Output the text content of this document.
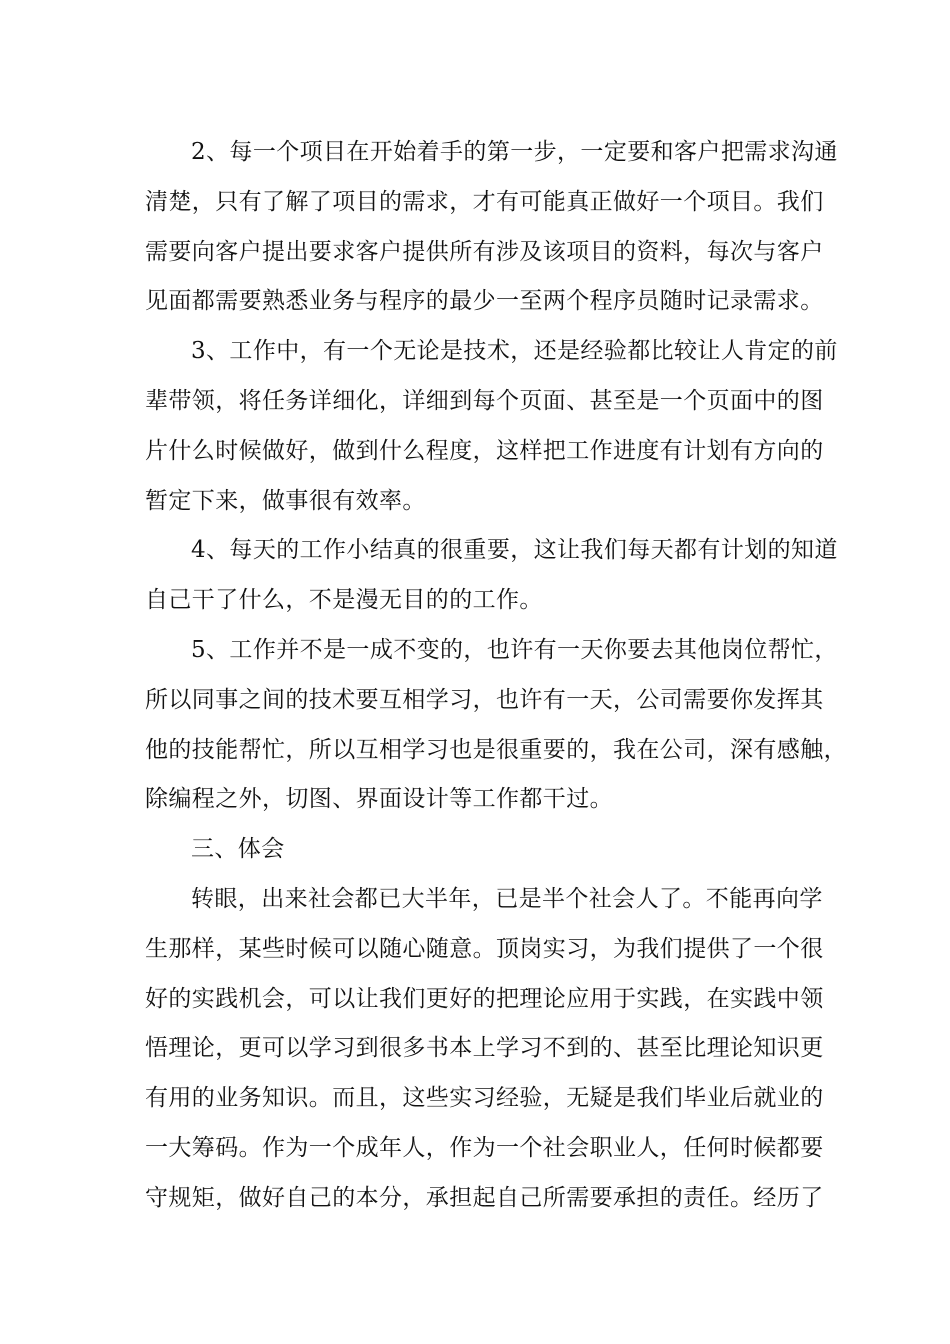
2、每一个项目在开始着手的第一步，一定要和客户把需求沟通
清楚，只有了解了项目的需求，才有可能真正做好一个项目。我们
需要向客户提出要求客户提供所有涉及该项目的资料，每次与客户
见面都需要熟悉业务与程序的最少一至两个程序员随时记录需求。
3、工作中，有一个无论是技术，还是经验都比较让人肯定的前
辈带领，将任务详细化，详细到每个页面、甚至是一个页面中的图
片什么时候做好，做到什么程度，这样把工作进度有计划有方向的
暂定下来，做事很有效率。
4、每天的工作小结真的很重要，这让我们每天都有计划的知道
自己干了什么，不是漫无目的的工作。
5、工作并不是一成不变的，也许有一天你要去其他岗位帮忙，
所以同事之间的技术要互相学习，也许有一天，公司需要你发挥其
他的技能帮忙，所以互相学习也是很重要的，我在公司，深有感触，
除编程之外，切图、界面设计等工作都干过。
三、体会
转眼，出来社会都已大半年，已是半个社会人了。不能再向学
生那样，某些时候可以随心随意。顶岗实习，为我们提供了一个很
好的实践机会，可以让我们更好的把理论应用于实践，在实践中领
悟理论，更可以学习到很多书本上学习不到的、甚至比理论知识更
有用的业务知识。而且，这些实习经验，无疑是我们毕业后就业的
一大筹码。作为一个成年人，作为一个社会职业人，任何时候都要
守规矩，做好自己的本分，承担起自己所需要承担的责任。经历了
